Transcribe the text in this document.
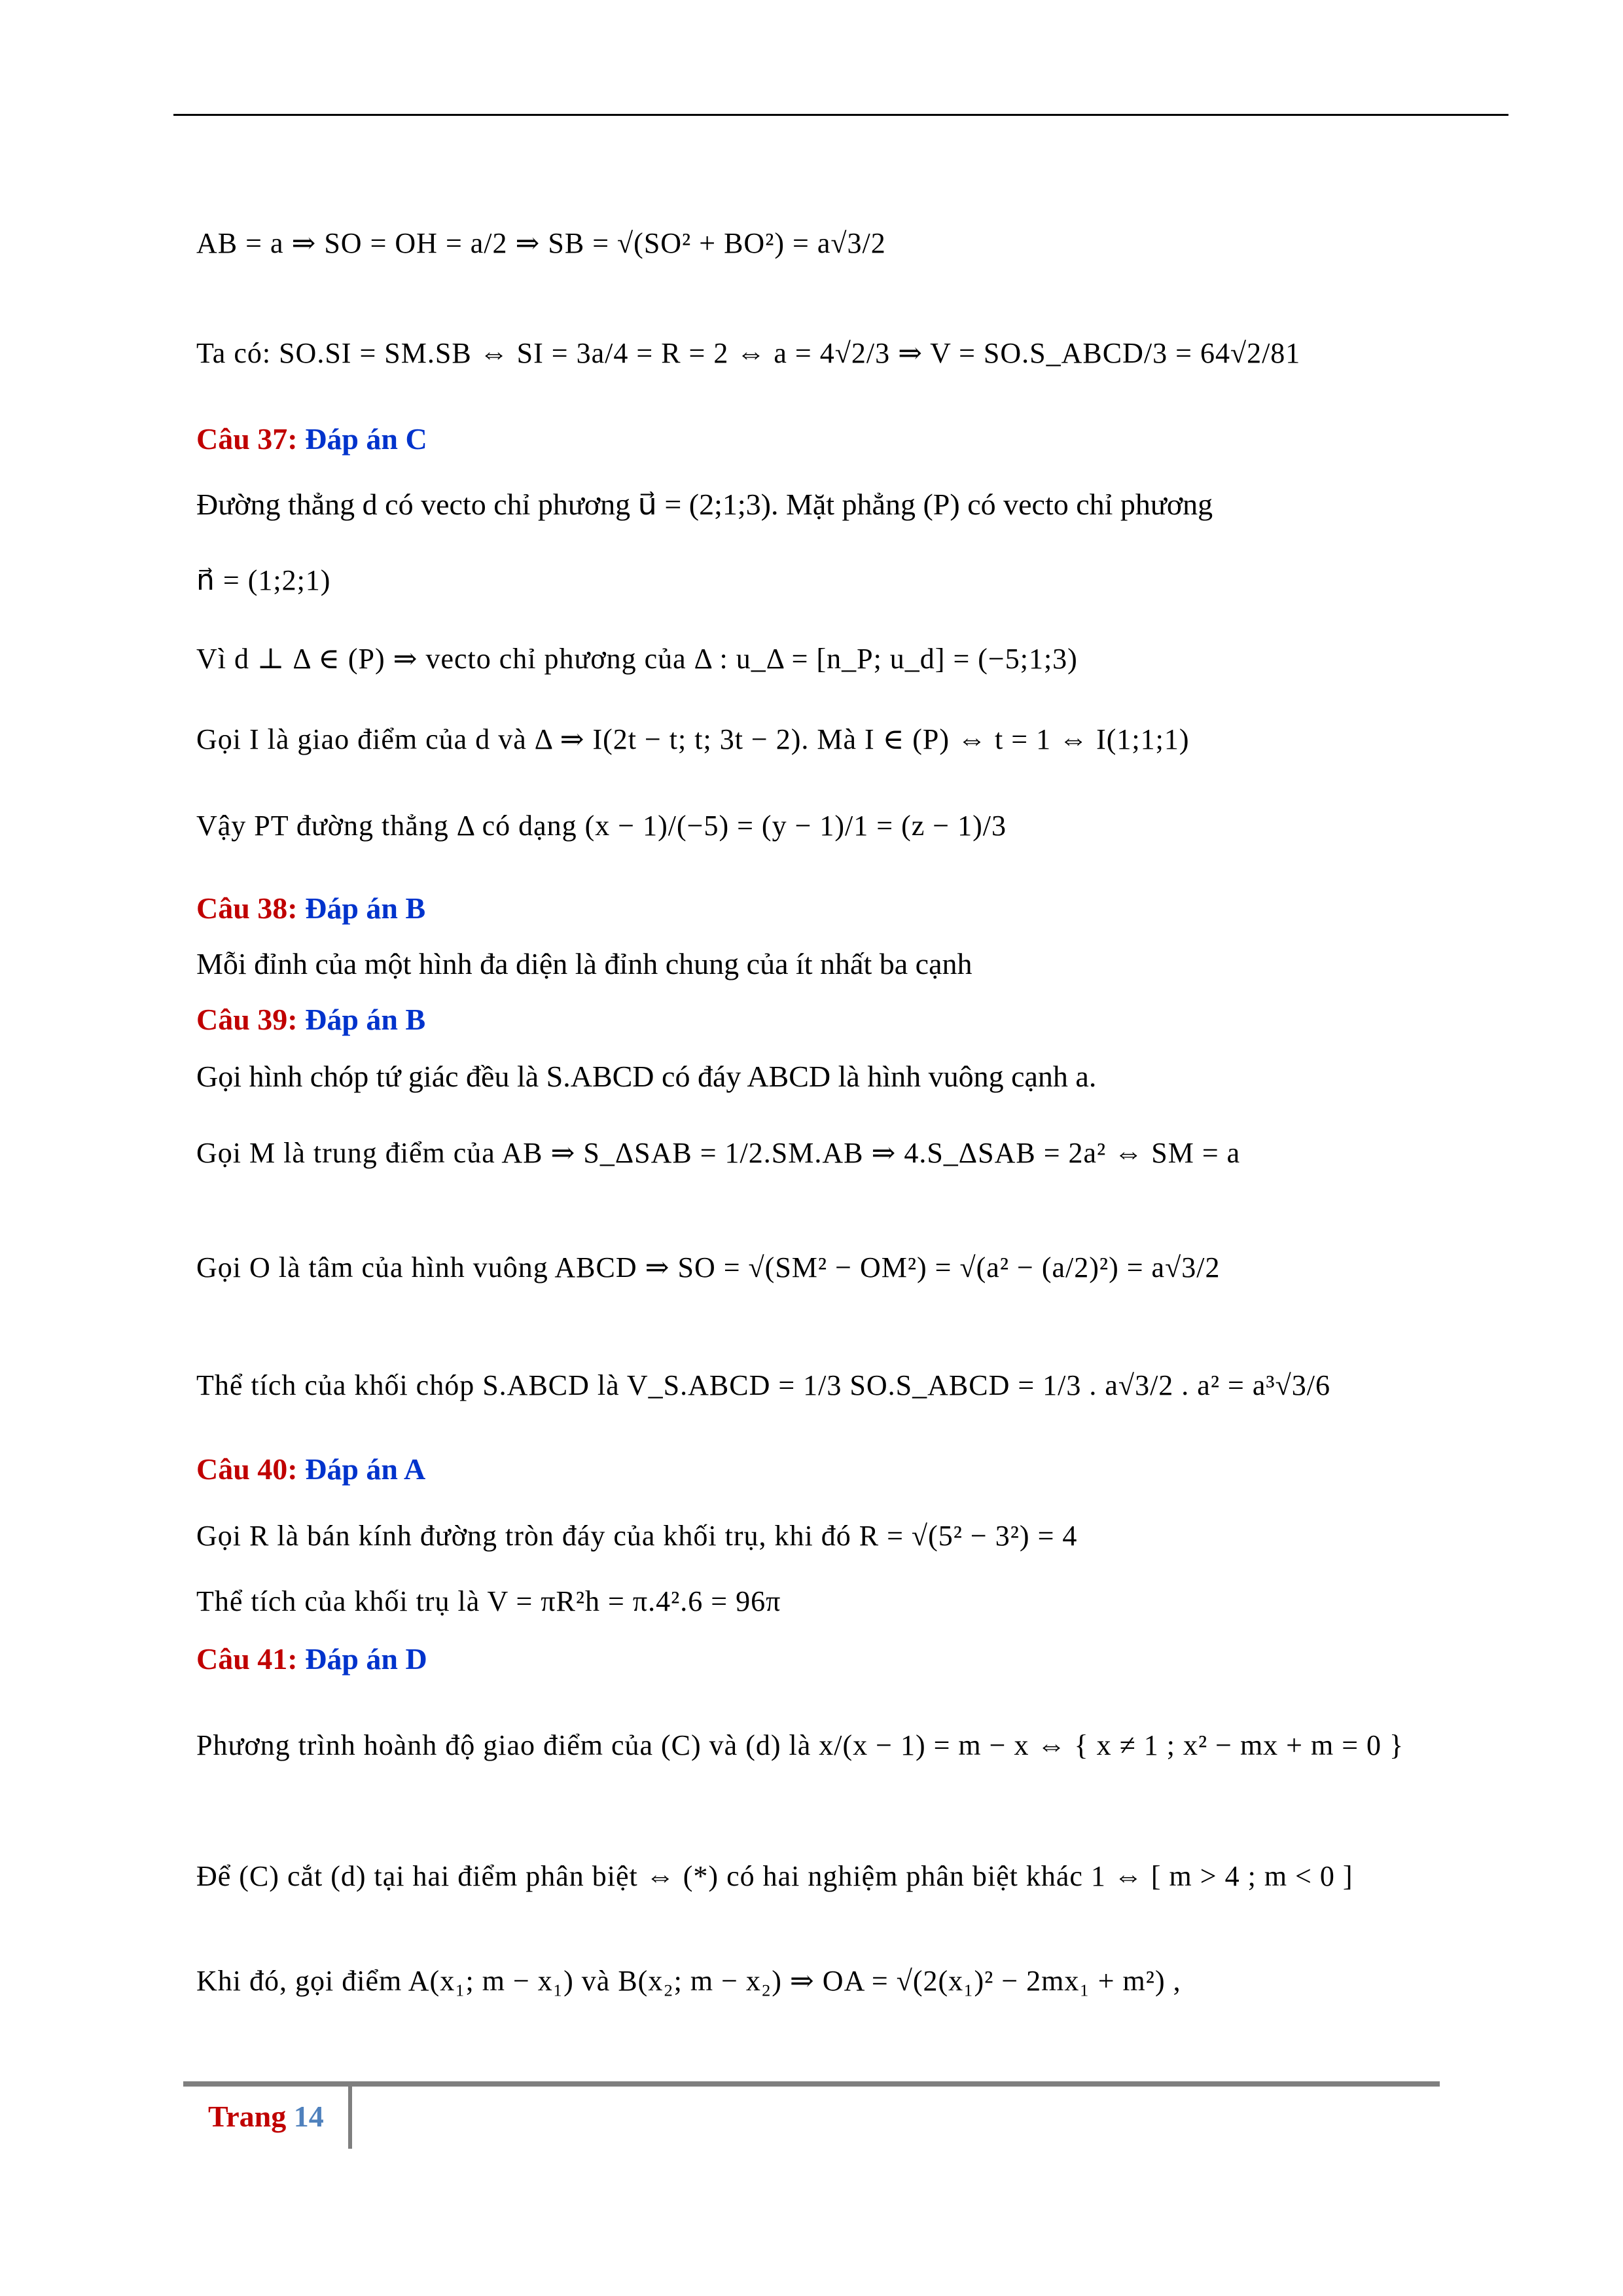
AB = a ⇒ SO = OH = a/2 ⇒ SB = √(SO² + BO²) = a√3/2
Ta có: SO.SI = SM.SB ⇔ SI = 3a/4 = R = 2 ⇔ a = 4√2/3 ⇒ V = SO.S_ABCD/3 = 64√2/81
Câu 37: Đáp án C
Đường thẳng d có vecto chỉ phương u⃗ = (2;1;3). Mặt phẳng (P) có vecto chỉ phương
n⃗ = (1;2;1)
Vì d ⊥ Δ ∈ (P) ⇒ vecto chỉ phương của Δ : u_Δ = [n_P; u_d] = (−5;1;3)
Gọi I là giao điểm của d và Δ ⇒ I(2t − t; t; 3t − 2). Mà I ∈ (P) ⇔ t = 1 ⇔ I(1;1;1)
Vậy PT đường thẳng Δ có dạng (x − 1)/(−5) = (y − 1)/1 = (z − 1)/3
Câu 38: Đáp án B
Mỗi đỉnh của một hình đa diện là đỉnh chung của ít nhất ba cạnh
Câu 39: Đáp án B
Gọi hình chóp tứ giác đều là S.ABCD có đáy ABCD là hình vuông cạnh a.
Gọi M là trung điểm của AB ⇒ S_ΔSAB = 1/2.SM.AB ⇒ 4.S_ΔSAB = 2a² ⇔ SM = a
Gọi O là tâm của hình vuông ABCD ⇒ SO = √(SM² − OM²) = √(a² − (a/2)²) = a√3/2
Thể tích của khối chóp S.ABCD là V_S.ABCD = 1/3 SO.S_ABCD = 1/3 . a√3/2 . a² = a³√3/6
Câu 40: Đáp án A
Gọi R là bán kính đường tròn đáy của khối trụ, khi đó R = √(5² − 3²) = 4
Thể tích của khối trụ là V = πR²h = π.4².6 = 96π
Câu 41: Đáp án D
Phương trình hoành độ giao điểm của (C) và (d) là x/(x − 1) = m − x ⇔ { x ≠ 1 ; x² − mx + m = 0 }
Để (C) cắt (d) tại hai điểm phân biệt ⇔ (*) có hai nghiệm phân biệt khác 1 ⇔ [ m > 4 ; m < 0 ]
Khi đó, gọi điểm A(x₁; m − x₁) và B(x₂; m − x₂) ⇒ OA = √(2(x₁)² − 2mx₁ + m²) ,
Trang 14
